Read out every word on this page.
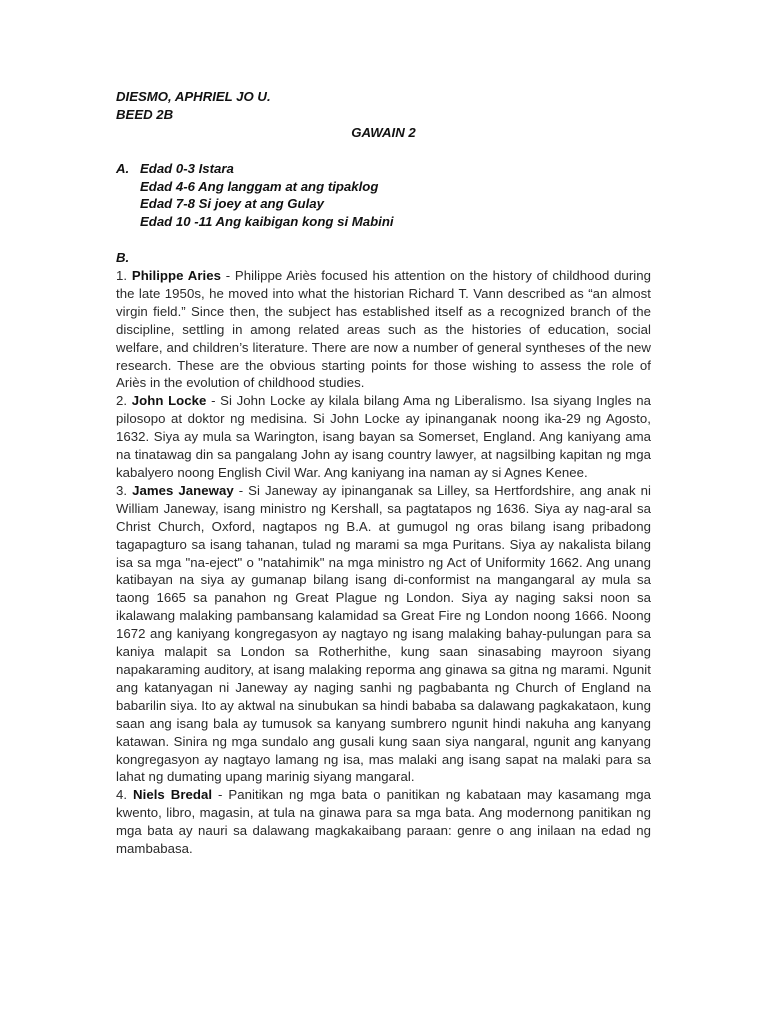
DIESMO, APHRIEL JO U.
BEED 2B
GAWAIN 2
A. Edad 0-3 Istara
Edad 4-6 Ang langgam at ang tipaklog
Edad 7-8 Si joey at ang Gulay
Edad 10 -11 Ang kaibigan kong si Mabini
B.

1. Philippe Aries - Philippe Ariès focused his attention on the history of childhood during the late 1950s, he moved into what the historian Richard T. Vann described as “an almost virgin field.” Since then, the subject has established itself as a recognized branch of the discipline, settling in among related areas such as the histories of education, social welfare, and children’s literature. There are now a number of general syntheses of the new research. These are the obvious starting points for those wishing to assess the role of Ariès in the evolution of childhood studies.

2. John Locke - Si John Locke ay kilala bilang Ama ng Liberalismo. Isa siyang Ingles na pilosopo at doktor ng medisina. Si John Locke ay ipinanganak noong ika-29 ng Agosto, 1632. Siya ay mula sa Warington, isang bayan sa Somerset, England. Ang kaniyang ama na tinatawag din sa pangalang John ay isang country lawyer, at nagsilbing kapitan ng mga kabalyero noong English Civil War. Ang kaniyang ina naman ay si Agnes Kenee.

3. James Janeway - Si Janeway ay ipinanganak sa Lilley, sa Hertfordshire, ang anak ni William Janeway, isang ministro ng Kershall, sa pagtatapos ng 1636. Siya ay nag-aral sa Christ Church, Oxford, nagtapos ng B.A. at gumugol ng oras bilang isang pribadong tagapagturo sa isang tahanan, tulad ng marami sa mga Puritans. Siya ay nakalista bilang isa sa mga "na-eject" o "natahimik" na mga ministro ng Act of Uniformity 1662. Ang unang katibayan na siya ay gumanap bilang isang di-conformist na mangangaral ay mula sa taong 1665 sa panahon ng Great Plague ng London. Siya ay naging saksi noon sa ikalawang malaking pambansang kalamidad sa Great Fire ng London noong 1666. Noong 1672 ang kaniyang kongregasyon ay nagtayo ng isang malaking bahay-pulungan para sa kaniya malapit sa London sa Rotherhithe, kung saan sinasabing mayroon siyang napakaraming auditory, at isang malaking reporma ang ginawa sa gitna ng marami. Ngunit ang katanyagan ni Janeway ay naging sanhi ng pagbabanta ng Church of England na babarilin siya. Ito ay aktwal na sinubukan sa hindi bababa sa dalawang pagkakataon, kung saan ang isang bala ay tumusok sa kanyang sumbrero ngunit hindi nakuha ang kanyang katawan. Sinira ng mga sundalo ang gusali kung saan siya nangaral, ngunit ang kanyang kongregasyon ay nagtayo lamang ng isa, mas malaki ang isang sapat na malaki para sa lahat ng dumating upang marinig siyang mangaral.

4. Niels Bredal - Panitikan ng mga bata o panitikan ng kabataan may kasamang mga kwento, libro, magasin, at tula na ginawa para sa mga bata. Ang modernong panitikan ng mga bata ay nauri sa dalawang magkakaibang paraan: genre o ang inilaan na edad ng mambabasa.
